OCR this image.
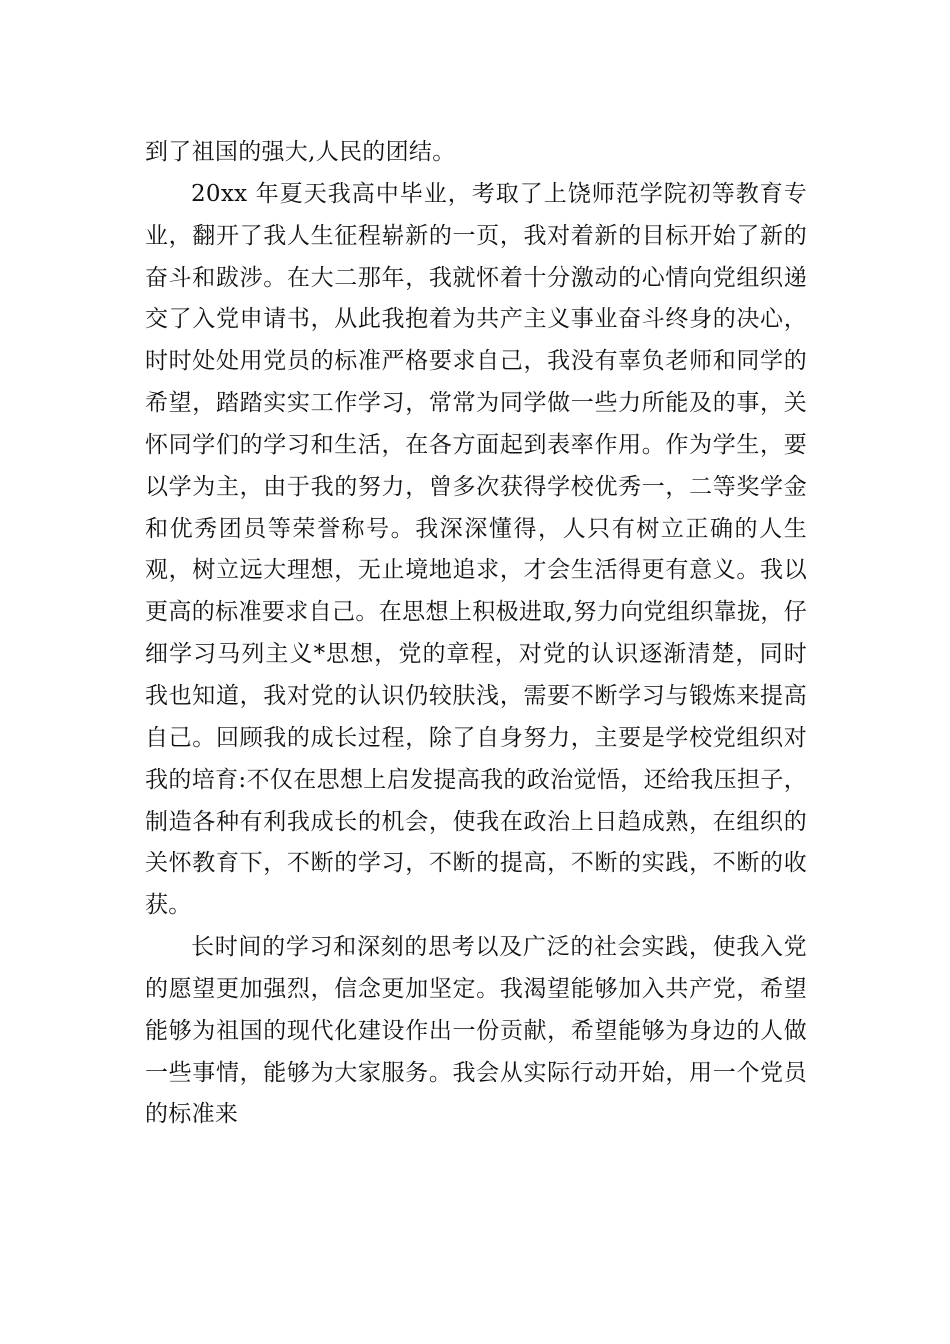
到了祖国的强大,人民的团结。

20xx 年夏天我高中毕业，考取了上饶师范学院初等教育专业，翻开了我人生征程崭新的一页，我对着新的目标开始了新的奋斗和跋涉。在大二那年，我就怀着十分激动的心情向党组织递交了入党申请书，从此我抱着为共产主义事业奋斗终身的决心，时时处处用党员的标准严格要求自己，我没有辜负老师和同学的希望，踏踏实实工作学习，常常为同学做一些力所能及的事，关怀同学们的学习和生活，在各方面起到表率作用。作为学生，要以学为主，由于我的努力，曾多次获得学校优秀一，二等奖学金和优秀团员等荣誉称号。我深深懂得，人只有树立正确的人生观，树立远大理想，无止境地追求，才会生活得更有意义。我以更高的标准要求自己。在思想上积极进取,努力向党组织靠拢，仔细学习马列主义*思想，党的章程，对党的认识逐渐清楚，同时我也知道，我对党的认识仍较肤浅，需要不断学习与锻炼来提高自己。回顾我的成长过程，除了自身努力，主要是学校党组织对我的培育:不仅在思想上启发提高我的政治觉悟，还给我压担子，制造各种有利我成长的机会，使我在政治上日趋成熟，在组织的关怀教育下，不断的学习，不断的提高，不断的实践，不断的收获。

长时间的学习和深刻的思考以及广泛的社会实践，使我入党的愿望更加强烈，信念更加坚定。我渴望能够加入共产党，希望能够为祖国的现代化建设作出一份贡献，希望能够为身边的人做一些事情，能够为大家服务。我会从实际行动开始，用一个党员的标准来
